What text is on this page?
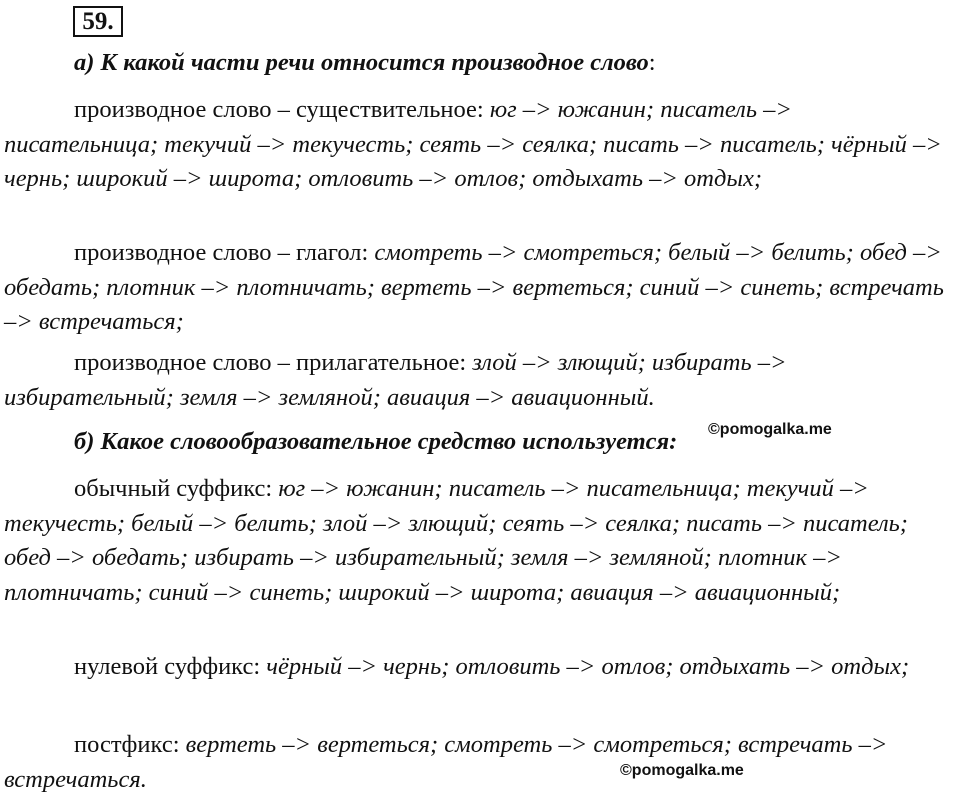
59.

а) К какой части речи относится производное слово:

производное слово – существительное: юг –> южанин; писатель –> писательница; текучий –> текучесть; сеять –> сеялка; писать –> писатель; чёрный –> чернь; широкий –> широта; отловить –> отлов; отдыхать –> отдых;

производное слово – глагол: смотреть –> смотреться; белый –> белить; обед –> обедать; плотник –> плотничать; вертеть –> вертеться; синий –> синеть; встречать –> встречаться;

производное слово – прилагательное: злой –> злющий; избирать –> избирательный; земля –> земляной; авиация –> авиационный.

б) Какое словообразовательное средство используется:

обычный суффикс: юг –> южанин; писатель –> писательница; текучий –> текучесть; белый –> белить; злой –> злющий; сеять –> сеялка; писать –> писатель; обед –> обедать; избирать –> избирательный; земля –> земляной; плотник –> плотничать; синий –> синеть; широкий –> широта; авиация –> авиационный;

нулевой суффикс: чёрный –> чернь; отловить –> отлов; отдыхать –> отдых;

постфикс: вертеть –> вертеться; смотреть –> смотреться; встречать –> встречаться.

©pomogalka.me
©pomogalka.me
